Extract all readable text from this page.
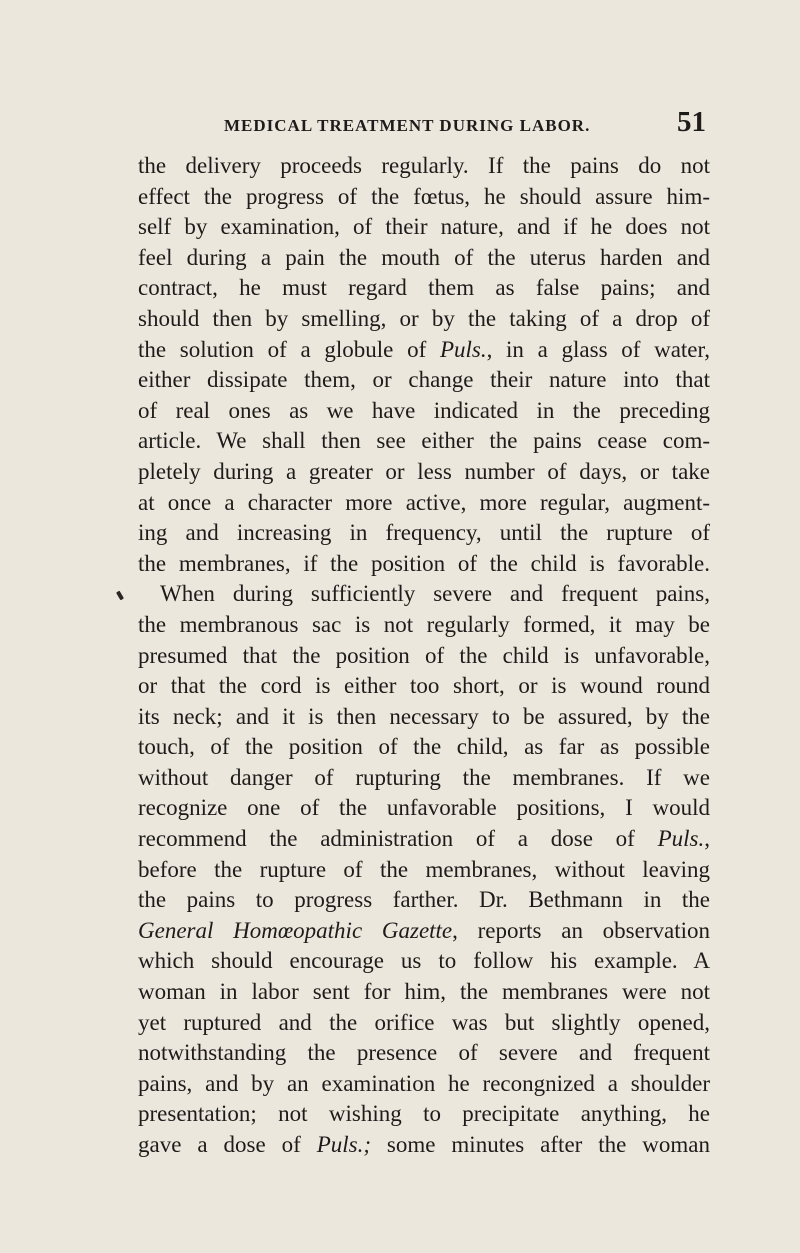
MEDICAL TREATMENT DURING LABOR.	51
the delivery proceeds regularly. If the pains do not
effect the progress of the fœtus, he should assure him-
self by examination, of their nature, and if he does not
feel during a pain the mouth of the uterus harden and
contract, he must regard them as false pains; and
should then by smelling, or by the taking of a drop of
the solution of a globule of Puls., in a glass of water,
either dissipate them, or change their nature into that
of real ones as we have indicated in the preceding
article. We shall then see either the pains cease com-
pletely during a greater or less number of days, or take
at once a character more active, more regular, augment-
ing and increasing in frequency, until the rupture of
the membranes, if the position of the child is favorable.
When during sufficiently severe and frequent pains,
the membranous sac is not regularly formed, it may be
presumed that the position of the child is unfavorable,
or that the cord is either too short, or is wound round
its neck; and it is then necessary to be assured, by the
touch, of the position of the child, as far as possible
without danger of rupturing the membranes. If we
recognize one of the unfavorable positions, I would
recommend the administration of a dose of Puls.,
before the rupture of the membranes, without leaving
the pains to progress farther. Dr. Bethmann in the
General Homœopathic Gazette, reports an observation
which should encourage us to follow his example. A
woman in labor sent for him, the membranes were not
yet ruptured and the orifice was but slightly opened,
notwithstanding the presence of severe and frequent
pains, and by an examination he recongnized a shoulder
presentation; not wishing to precipitate anything, he
gave a dose of Puls.; some minutes after the woman
